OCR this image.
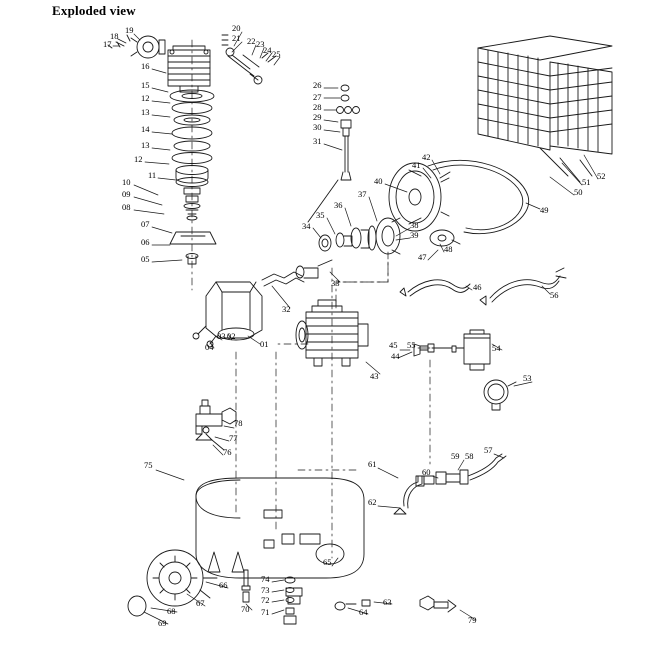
Exploded view
17
18
19
16
15
12
13
14
13
12
11
10
09
08
07
06
05
20
21 22 23
24 25
26
27
28
29
30
31
34
35
36
37
38
39
40
41
42
47
48
49
50
51
52
46
56
32
33
03 02
04	01
44
45 55
43
54
53
78
77
76
75	61
60
59 58
57
62
66
65
74
73
72
71
70
67
68
69
64
63
79
